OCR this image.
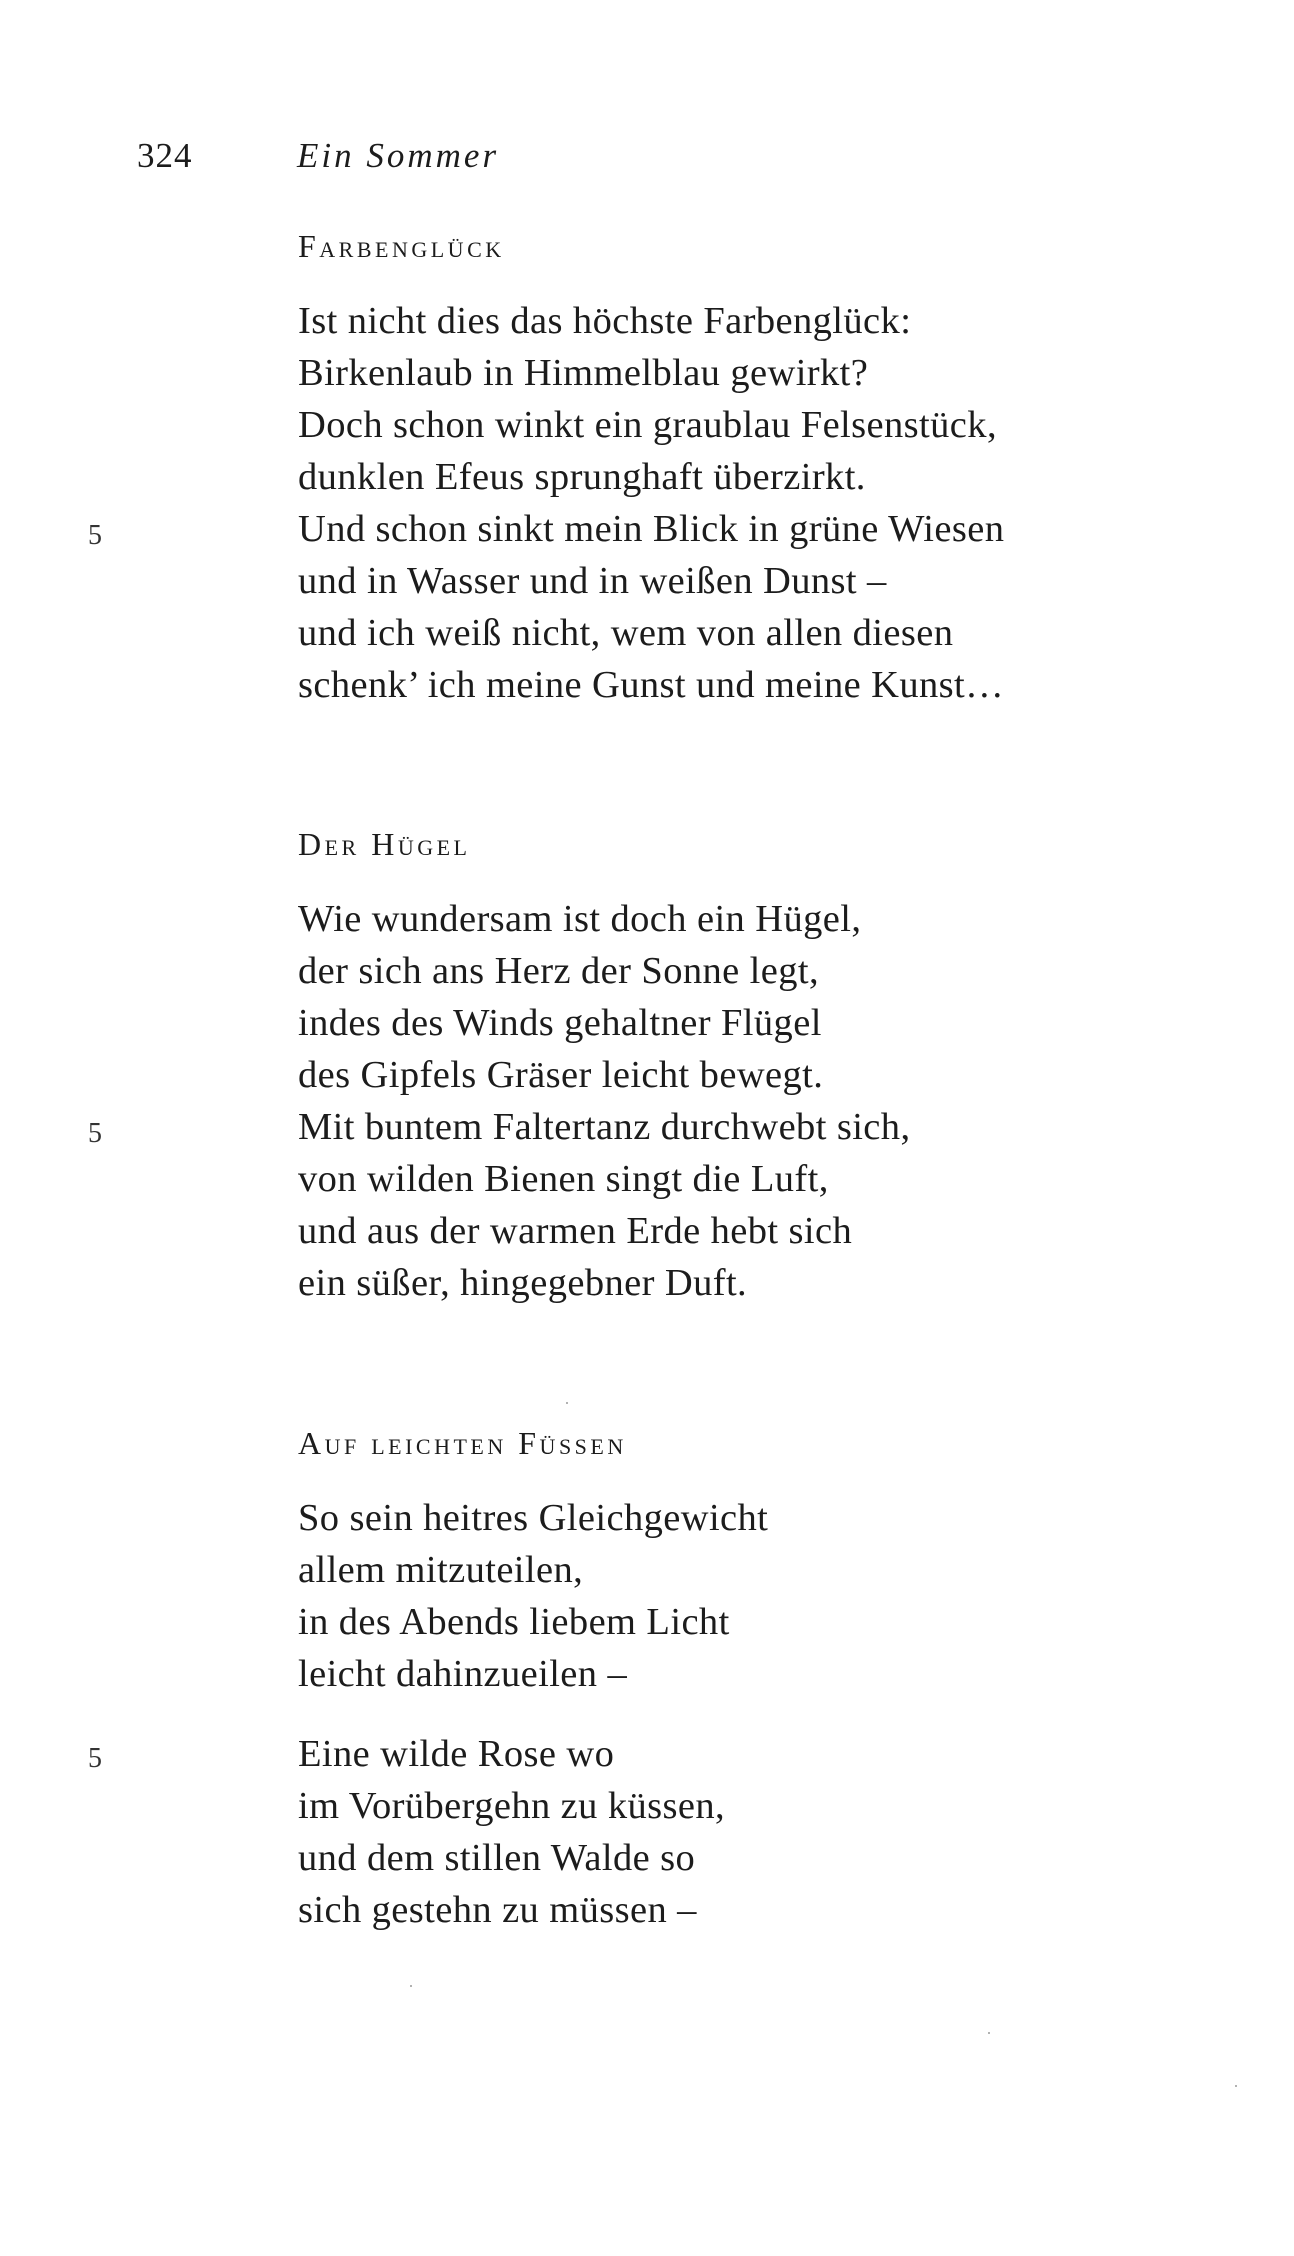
324	Ein Sommer
Farbenglück
Ist nicht dies das höchste Farbenglück:
Birkenlaub in Himmelblau gewirkt?
Doch schon winkt ein graublau Felsenstück,
dunklen Efeus sprunghaft überzirkt.
Und schon sinkt mein Blick in grüne Wiesen
und in Wasser und in weißen Dunst –
und ich weiß nicht, wem von allen diesen
schenk’ ich meine Gunst und meine Kunst…
5
Der Hügel
Wie wundersam ist doch ein Hügel,
der sich ans Herz der Sonne legt,
indes des Winds gehaltner Flügel
des Gipfels Gräser leicht bewegt.
Mit buntem Faltertanz durchwebt sich,
von wilden Bienen singt die Luft,
und aus der warmen Erde hebt sich
ein süßer, hingegebner Duft.
5
Auf leichten Füssen
So sein heitres Gleichgewicht
allem mitzuteilen,
in des Abends liebem Licht
leicht dahinzueilen –
Eine wilde Rose wo
im Vorübergehn zu küssen,
und dem stillen Walde so
sich gestehn zu müssen –
5
